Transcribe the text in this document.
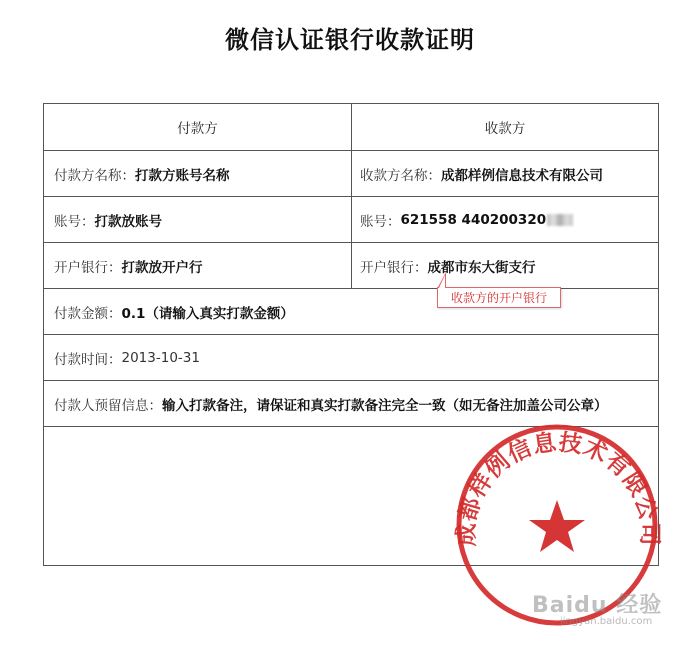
微信认证银行收款证明
付款方	收款方
付款方名称： 打款方账号名称	收款方名称： 成都样例信息技术有限公司
账号： 打款放账号	账号： 621558 440200320
开户银行： 打款放开户行	开户银行： 成都市东大街支行
付款金额： 0.1（请输入真实打款金额）
付款时间： 2013-10-31
付款人预留信息： 输入打款备注，请保证和真实打款备注完全一致（如无备注加盖公司公章）
收款方的开户银行
成都样例信息技术有限公司
Baidu 经验
jingyan.baidu.com
